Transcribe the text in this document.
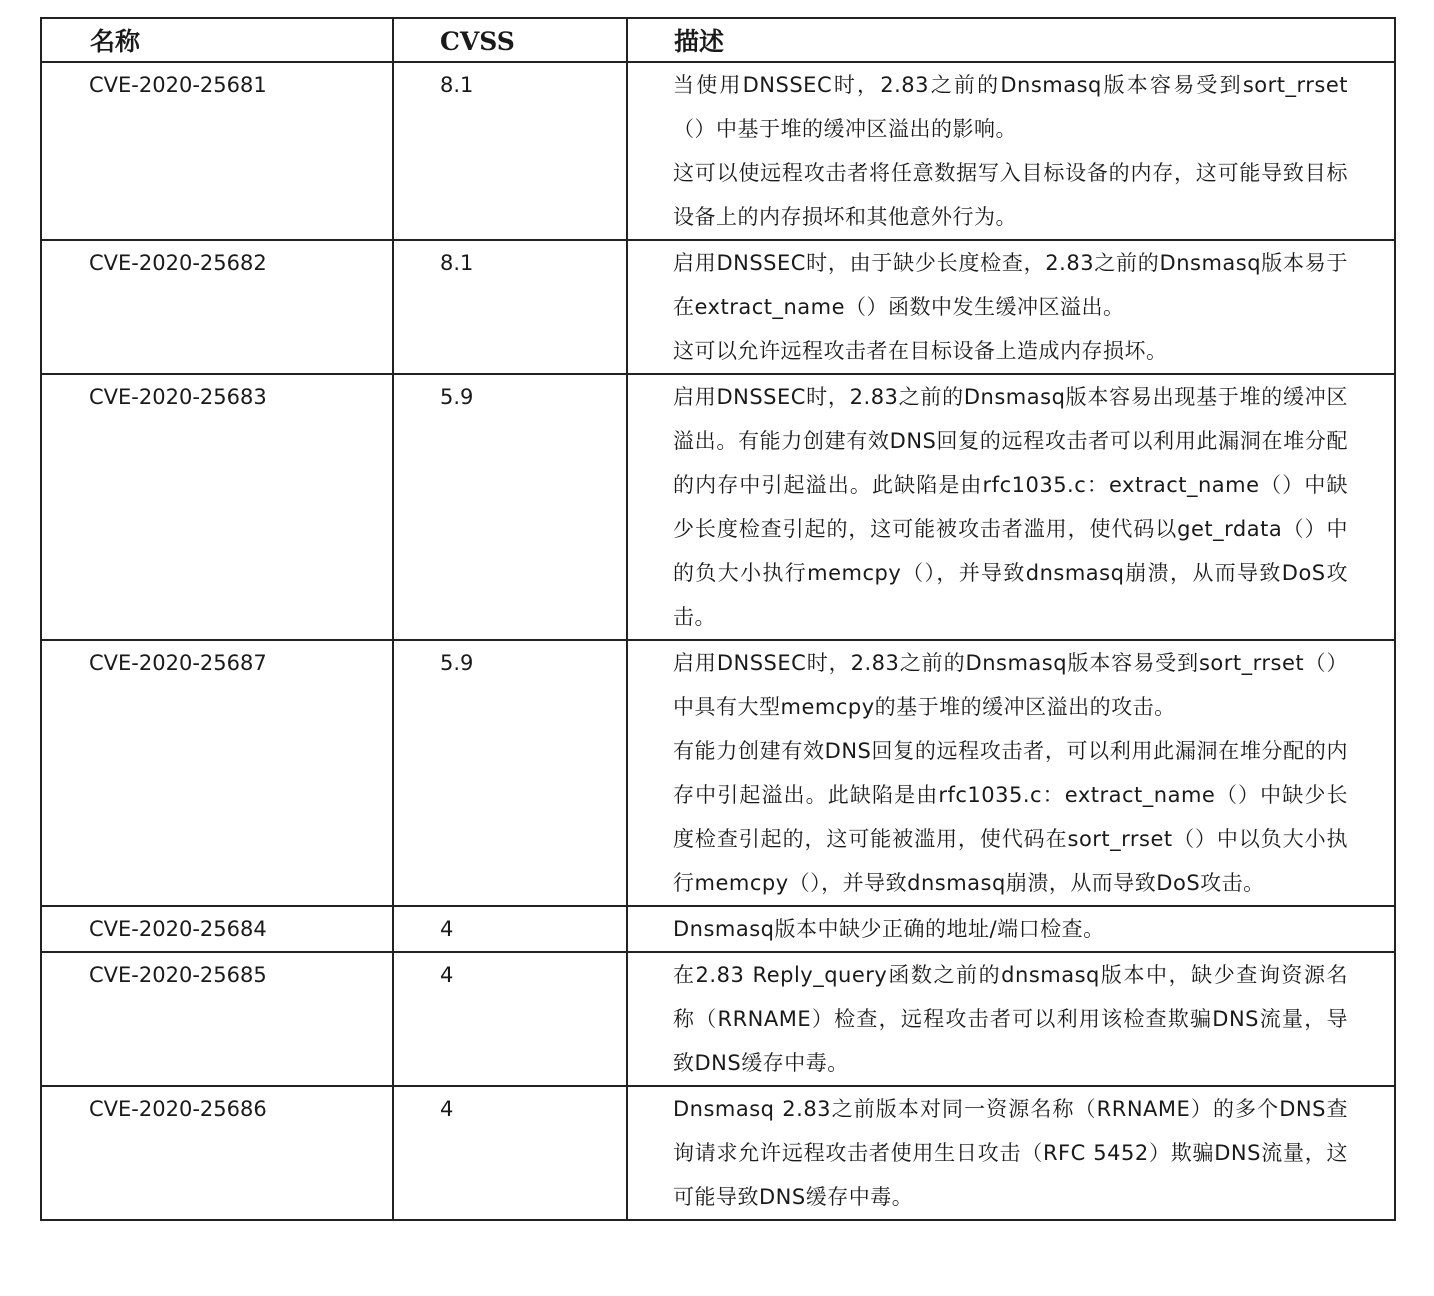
名称	CVSS	描述

CVE-2020-25681	8.1	当使用DNSSEC时，2.83之前的Dnsmasq版本容易受到sort_rrset（）中基于堆的缓冲区溢出的影响。
这可以使远程攻击者将任意数据写入目标设备的内存，这可能导致目标设备上的内存损坏和其他意外行为。

CVE-2020-25682	8.1	启用DNSSEC时，由于缺少长度检查，2.83之前的Dnsmasq版本易于在extract_name（）函数中发生缓冲区溢出。
这可以允许远程攻击者在目标设备上造成内存损坏。

CVE-2020-25683	5.9	启用DNSSEC时，2.83之前的Dnsmasq版本容易出现基于堆的缓冲区溢出。有能力创建有效DNS回复的远程攻击者可以利用此漏洞在堆分配的内存中引起溢出。此缺陷是由rfc1035.c：extract_name（）中缺少长度检查引起的，这可能被攻击者滥用，使代码以get_rdata（）中的负大小执行memcpy（），并导致dnsmasq崩溃，从而导致DoS攻击。

CVE-2020-25687	5.9	启用DNSSEC时，2.83之前的Dnsmasq版本容易受到sort_rrset（）中具有大型memcpy的基于堆的缓冲区溢出的攻击。
有能力创建有效DNS回复的远程攻击者，可以利用此漏洞在堆分配的内存中引起溢出。此缺陷是由rfc1035.c：extract_name（）中缺少长度检查引起的，这可能被滥用，使代码在sort_rrset（）中以负大小执行memcpy（），并导致dnsmasq崩溃，从而导致DoS攻击。

CVE-2020-25684	4	Dnsmasq版本中缺少正确的地址/端口检查。

CVE-2020-25685	4	在2.83 Reply_query函数之前的dnsmasq版本中，缺少查询资源名称（RRNAME）检查，远程攻击者可以利用该检查欺骗DNS流量，导致DNS缓存中毒。

CVE-2020-25686	4	Dnsmasq 2.83之前版本对同一资源名称（RRNAME）的多个DNS查询请求允许远程攻击者使用生日攻击（RFC 5452）欺骗DNS流量，这可能导致DNS缓存中毒。
